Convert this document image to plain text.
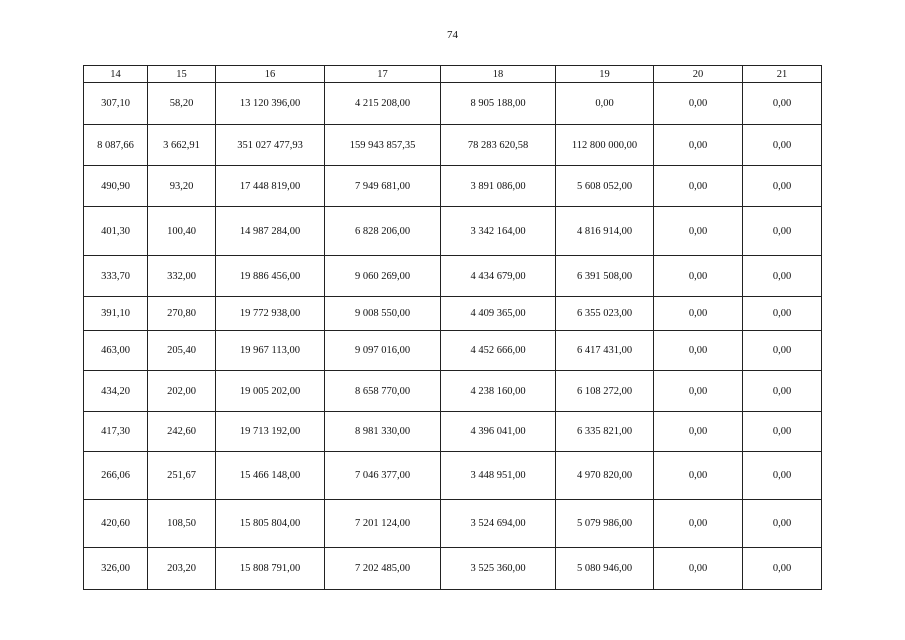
74
14	15	16	17	18	19	20	21
307,10	58,20	13 120 396,00	4 215 208,00	8 905 188,00	0,00	0,00	0,00
8 087,66	3 662,91	351 027 477,93	159 943 857,35	78 283 620,58	112 800 000,00	0,00	0,00
490,90	93,20	17 448 819,00	7 949 681,00	3 891 086,00	5 608 052,00	0,00	0,00
401,30	100,40	14 987 284,00	6 828 206,00	3 342 164,00	4 816 914,00	0,00	0,00
333,70	332,00	19 886 456,00	9 060 269,00	4 434 679,00	6 391 508,00	0,00	0,00
391,10	270,80	19 772 938,00	9 008 550,00	4 409 365,00	6 355 023,00	0,00	0,00
463,00	205,40	19 967 113,00	9 097 016,00	4 452 666,00	6 417 431,00	0,00	0,00
434,20	202,00	19 005 202,00	8 658 770,00	4 238 160,00	6 108 272,00	0,00	0,00
417,30	242,60	19 713 192,00	8 981 330,00	4 396 041,00	6 335 821,00	0,00	0,00
266,06	251,67	15 466 148,00	7 046 377,00	3 448 951,00	4 970 820,00	0,00	0,00
420,60	108,50	15 805 804,00	7 201 124,00	3 524 694,00	5 079 986,00	0,00	0,00
326,00	203,20	15 808 791,00	7 202 485,00	3 525 360,00	5 080 946,00	0,00	0,00
